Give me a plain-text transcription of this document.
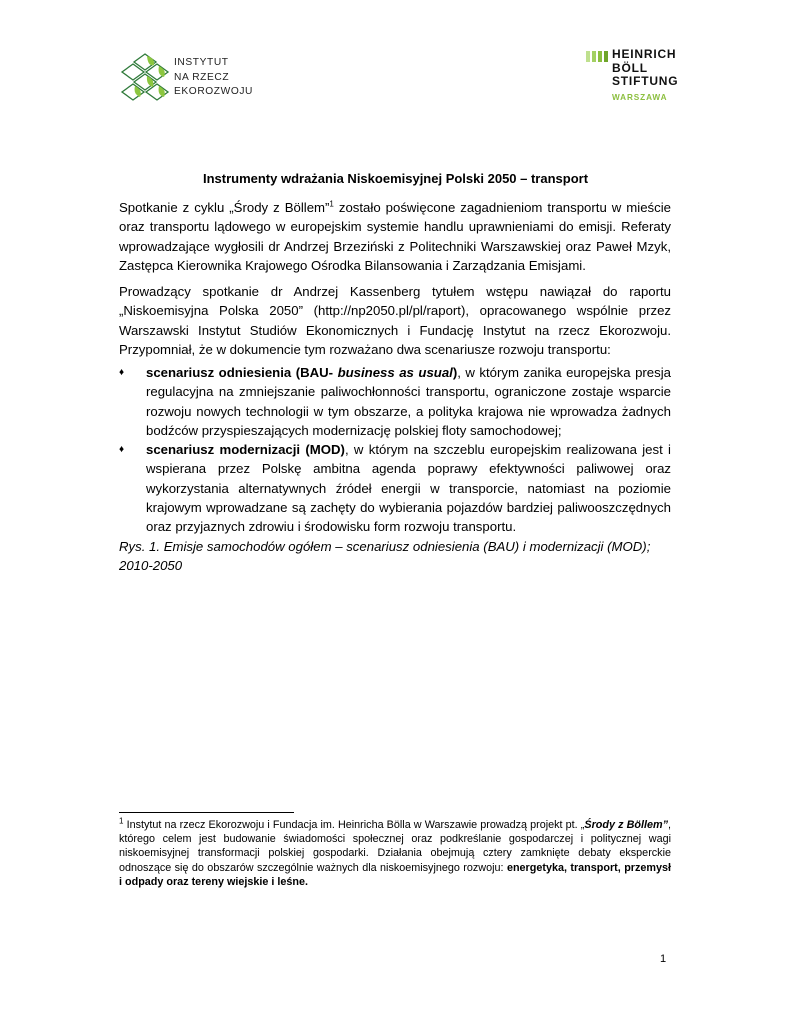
INSTYTUT
NA RZECZ
EKOROZWOJU
HEINRICH
BÖLL
STIFTUNG
WARSZAWA
Instrumenty wdrażania Niskoemisyjnej Polski 2050 – transport
Spotkanie z cyklu „Środy z Böllem”$^1$ zostało poświęcone zagadnieniom transportu w mieście oraz transportu lądowego w europejskim systemie handlu uprawnieniami do emisji. Referaty wprowadzające wygłosili dr Andrzej Brzeziński z Politechniki Warszawskiej oraz Paweł Mzyk, Zastępca Kierownika Krajowego Ośrodka Bilansowania i Zarządzania Emisjami.
Prowadzący spotkanie dr Andrzej Kassenberg tytułem wstępu nawiązał do raportu „Niskoemisyjna Polska 2050” (http://np2050.pl/pl/raport), opracowanego wspólnie przez Warszawski Instytut Studiów Ekonomicznych i Fundację Instytut na rzecz Ekorozwoju. Przypomniał, że w dokumencie tym rozważano dwa scenariusze rozwoju transportu:
♦ scenariusz odniesienia (BAU- business as usual), w którym zanika europejska presja regulacyjna na zmniejszanie paliwochłonności transportu, ograniczone zostaje wsparcie rozwoju nowych technologii w tym obszarze, a polityka krajowa nie wprowadza żadnych bodźców przyspieszających modernizację polskiej floty samochodowej;
♦ scenariusz modernizacji (MOD), w którym na szczeblu europejskim realizowana jest i wspierana przez Polskę ambitna agenda poprawy efektywności paliwowej oraz wykorzystania alternatywnych źródeł energii w transporcie, natomiast na poziomie krajowym wprowadzane są zachęty do wybierania pojazdów bardziej paliwooszczędnych oraz przyjaznych zdrowiu i środowisku form rozwoju transportu.
Rys. 1. Emisje samochodów ogółem – scenariusz odniesienia (BAU) i modernizacji (MOD); 2010-2050
$^1$ Instytut na rzecz Ekorozwoju i Fundacja im. Heinricha Bölla w Warszawie prowadzą projekt pt. „Środy z Böllem”, którego celem jest budowanie świadomości społecznej oraz podkreślanie gospodarczej i politycznej wagi niskoemisyjnej transformacji polskiej gospodarki. Działania obejmują cztery zamknięte debaty eksperckie odnoszące się do obszarów szczególnie ważnych dla niskoemisyjnego rozwoju: energetyka, transport, przemysł i odpady oraz tereny wiejskie i leśne.
1
